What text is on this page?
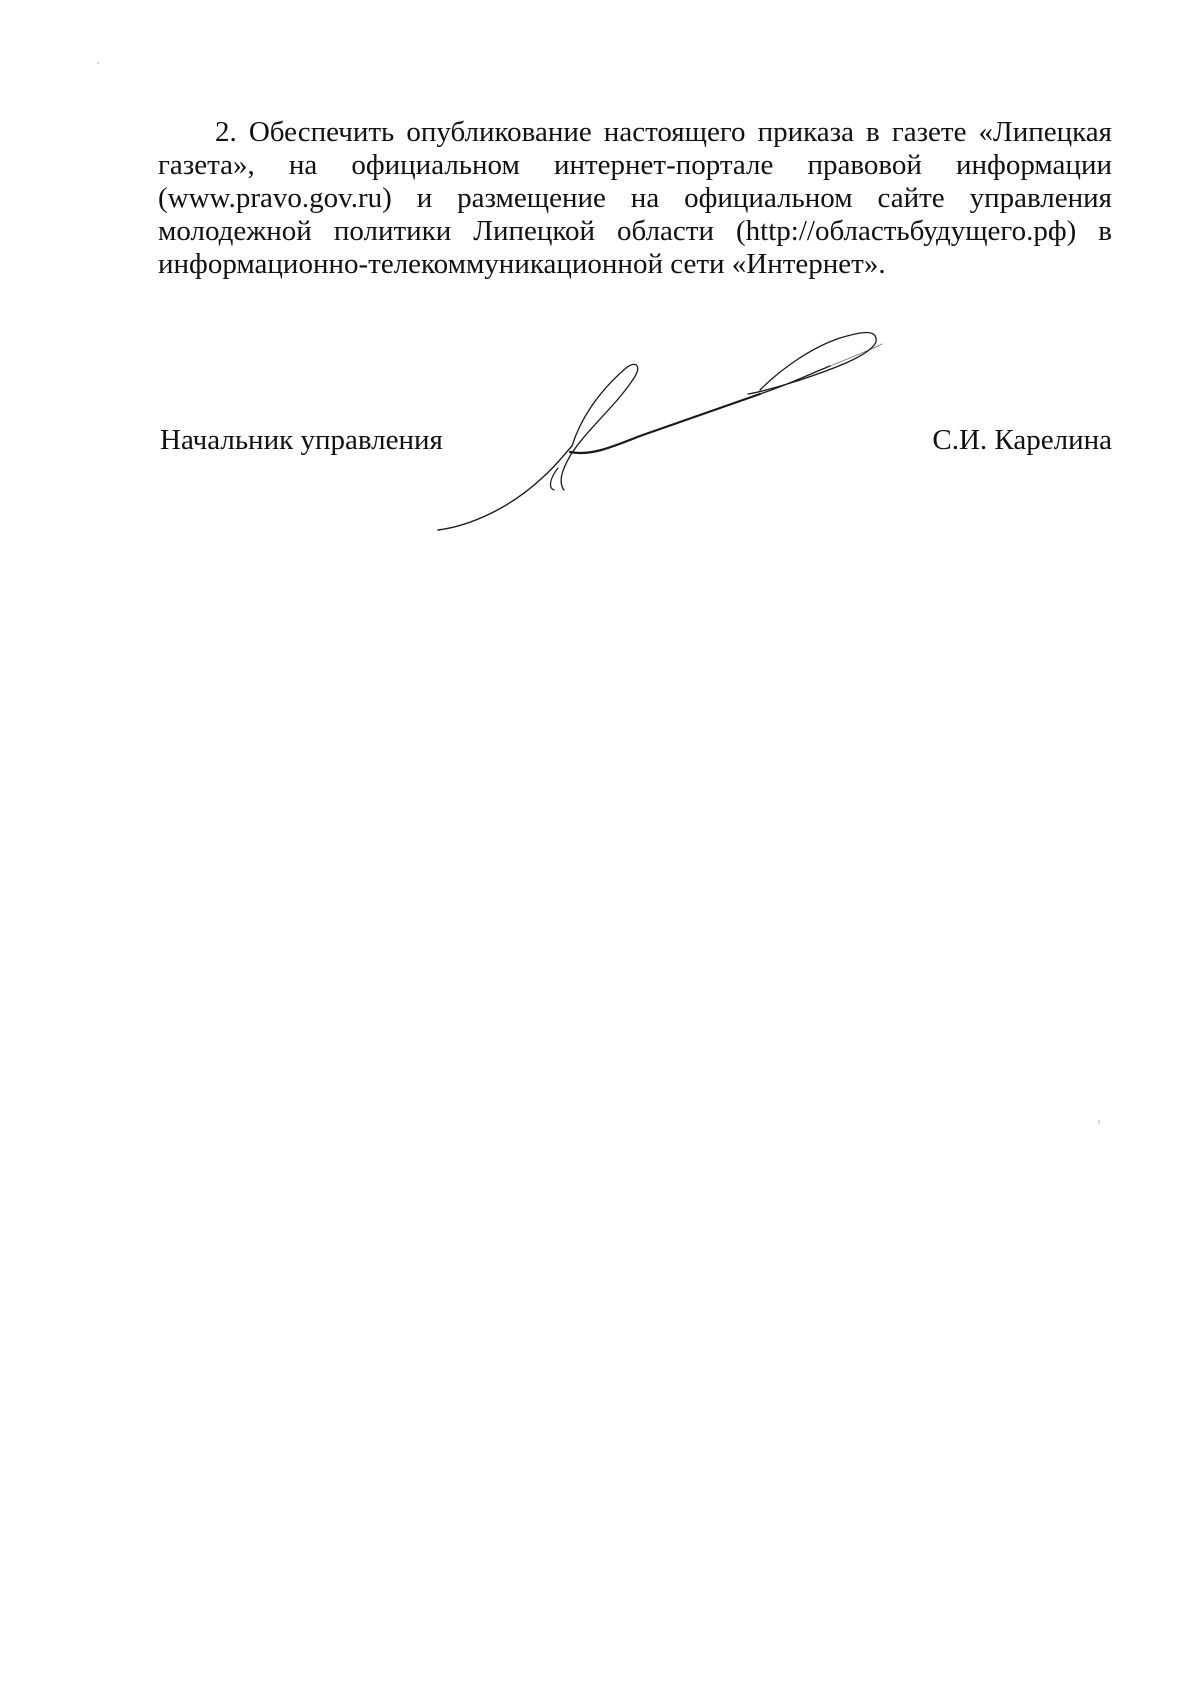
2. Обеспечить опубликование настоящего приказа в газете «Липецкая газета», на официальном интернет-портале правовой информации (www.pravo.gov.ru) и размещение на официальном сайте управления молодежной политики Липецкой области (http://областьбудущего.рф) в информационно-телекоммуникационной сети «Интернет».

Начальник управления	С.И. Карелина
